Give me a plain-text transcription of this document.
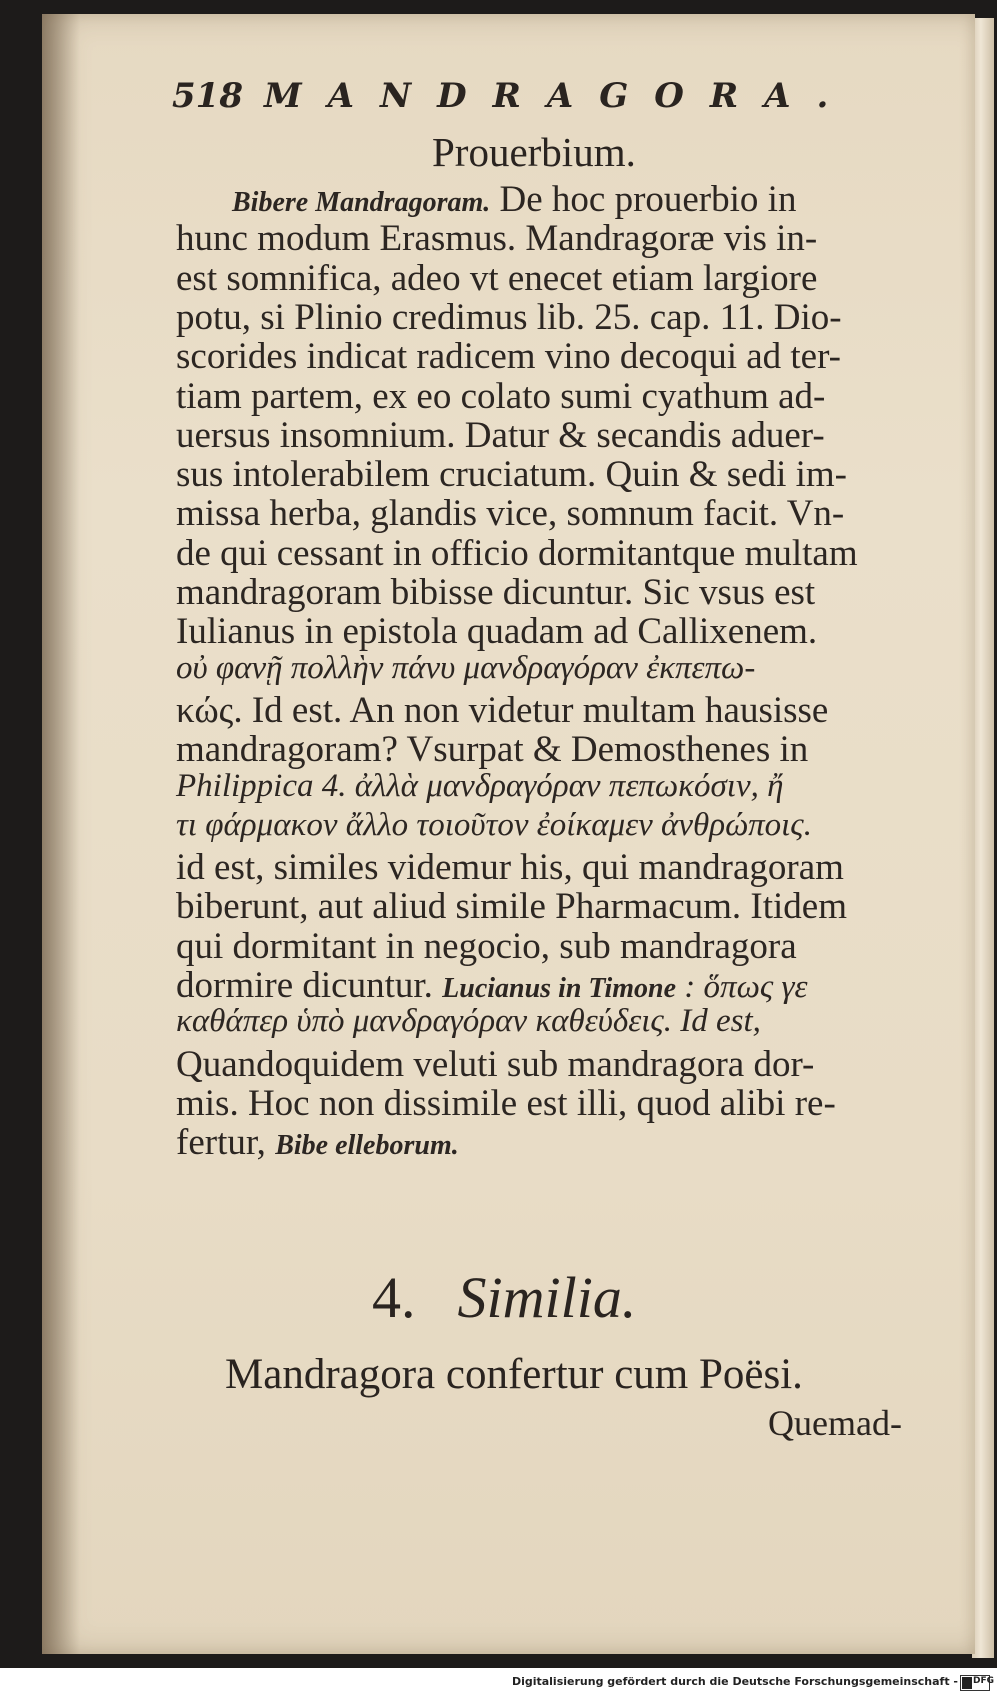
518 MANDRAGORA.
Prouerbium.
Bibere Mandragoram. De hoc prouerbio in
hunc modum Erasmus. Mandragoræ vis in-
est somnifica, adeo vt enecet etiam largiore
potu, si Plinio credimus lib. 25. cap. 11. Dio-
scorides indicat radicem vino decoqui ad ter-
tiam partem, ex eo colato sumi cyathum ad-
uersus insomnium. Datur & secandis aduer-
sus intolerabilem cruciatum. Quin & sedi im-
missa herba, glandis vice, somnum facit. Vn-
de qui cessant in officio dormitantque multam
mandragoram bibisse dicuntur. Sic vsus est
Iulianus in epistola quadam ad Callixenem.
οὐ φανῇ πολλὴν πάνυ μανδραγόραν ἐκπεπω-
κώς. Id est. An non videtur multam hausisse
mandragoram? Vsurpat & Demosthenes in
Philippica 4. ἀλλὰ μανδραγόραν πεπωκόσιν, ἤ
τι φάρμακον ἄλλο τοιοῦτον ἐοίκαμεν ἀνθρώποις.
id est, similes videmur his, qui mandragoram
biberunt, aut aliud simile Pharmacum. Itidem
qui dormitant in negocio, sub mandragora
dormire dicuntur. Lucianus in Timone : ὅπως γε
καθάπερ ὑπὸ μανδραγόραν καθεύδεις. Id est,
Quandoquidem veluti sub mandragora dor-
mis. Hoc non dissimile est illi, quod alibi re-
fertur, Bibe elleborum.
4. Similia.
Mandragora confertur cum Poësi.
Quemad-
Digitalisierung gefördert durch die Deutsche Forschungsgemeinschaft - DFG
